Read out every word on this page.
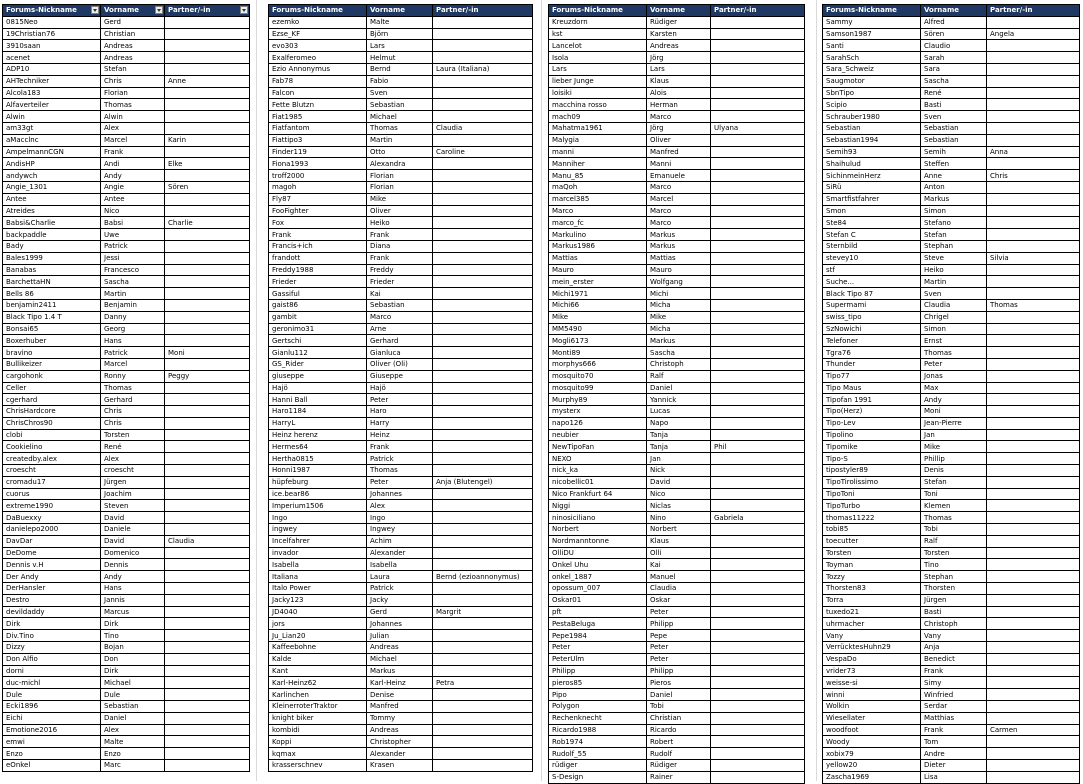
Forums-Nickname	Vorname	Partner/-in

0815Neo	Gerd	
19Christian76	Christian	
3910saan	Andreas	
acenet	Andreas	
ADP10	Stefan	
AHTechniker	Chris	Anne
Alcola183	Florian	
Alfaverteiler	Thomas	
Alwin	Alwin	
am33gt	Alex	
aMacclnc	Marcel	Karin
AmpelmannCGN	Frank	
AndisHP	Andi	Elke
andywch	Andy	
Angie_1301	Angie	Sören
Antee	Antee	
Atreides	Nico	
Babsi&Charlie	Babsi	Charlie
backpaddle	Uwe	
Bady	Patrick	
Bales1999	Jessi	
Banabas	Francesco	
BarchettaHN	Sascha	
Bells 86	Martin	
benjamin2411	Benjamin	
Black Tipo 1.4 T	Danny	
Bonsai65	Georg	
Boxerhuber	Hans	
bravino	Patrick	Moni
Bullikeizer	Marcel	
cargohonk	Ronny	Peggy
Celler	Thomas	
cgerhard	Gerhard	
ChrisHardcore	Chris	
ChrisChros90	Chris	
clobi	Torsten	
Cookielino	René	
createdby.alex	Alex	
croescht	croescht	
cromadu17	Jürgen	
cuorus	Joachim	
extreme1990	Steven	
DaBuexxy	David	
danielepo2000	Daniele	
DavDar	David	Claudia
DeDome	Domenico	
Dennis v.H	Dennis	
Der Andy	Andy	
DerHansler	Hans	
Destro	Jannis	
devildaddy	Marcus	
Dirk	Dirk	
Div.Tino	Tino	
Dizzy	Bojan	
Don Alfio	Don	
dorni	Dirk	
duc-michl	Michael	
Dule	Dule	
Ecki1896	Sebastian	
Eichi	Daniel	
Emotione2016	Alex	
emwi	Malte	
Enzo	Enzo	
eOnkel	Marc	
Forums-Nickname	Vorname	Partner/-in
ezemko	Malte	
Ezse_KF	Björn	
evo303	Lars	
Exalferomeo	Helmut	
Ezio Annonymus	Bernd	Laura (Italiana)
Fab78	Fabio	
Falcon	Sven	
Fette Blutzn	Sebastian	
Fiat1985	Michael	
Fiatfantom	Thomas	Claudia
Fiattipo3	Martin	
Finder119	Otto	Caroline
Fiona1993	Alexandra	
troff2000	Florian	
magoh	Florian	
Fly87	Mike	
FooFighter	Oliver	
Fox	Heiko	
Frank	Frank	
Francis+ich	Diana	
frandott	Frank	
Freddy1988	Freddy	
Frieder	Frieder	
Gassiful	Kai	
gaist86	Sebastian	
gambit	Marco	
geronimo31	Arne	
Gertschi	Gerhard	
Gianlu112	Gianluca	
GS_Rider	Oliver (Oli)	
giuseppe	Giuseppe	
Hajö	Hajö	
Hanni Ball	Peter	
Haro1184	Haro	
HarryL	Harry	
Heinz herenz	Heinz	
Hermes64	Frank	
Hertha0815	Patrick	
Honni1987	Thomas	
hüpfeburg	Peter	Anja (Blutengel)
ice.bear86	Johannes	
Imperium1506	Alex	
Ingo	Ingo	
ingwey	Ingwey	
Incelfahrer	Achim	
invador	Alexander	
Isabella	Isabella	
Italiana	Laura	Bernd (ezioannonymus)
Italo Power	Patrick	
Jacky123	Jacky	
JD4040	Gerd	Margrit
jors	Johannes	
Ju_Lian20	Julian	
Kaffeebohne	Andreas	
Kalde	Michael	
Kant	Markus	
Karl-Heinz62	Karl-Heinz	Petra
Karlinchen	Denise	
KleinerroterTraktor	Manfred	
knight biker	Tommy	
kombidi	Andreas	
Koppi	Christopher	
kqmax	Alexander	
krasserschnev	Krasen	
Forums-Nickname	Vorname	Partner/-in
Kreuzdorn	Rüdiger	
kst	Karsten	
Lancelot	Andreas	
Isola	Jörg	
Lars	Lars	
lieber Junge	Klaus	
loisiki	Alois	
macchina rosso	Herman	
mach09	Marco	
Mahatma1961	Jörg	Ulyana
Malygia	Oliver	
manni	Manfred	
Manniher	Manni	
Manu_85	Emanuele	
maQoh	Marco	
marcel385	Marcel	
Marco	Marco	
marco_fc	Marco	
Markulino	Markus	
Markus1986	Markus	
Mattias	Mattias	
Mauro	Mauro	
mein_erster	Wolfgang	
Michi1971	Michi	
Michi66	Micha	
Mike	Mike	
MM5490	Micha	
Mogli6173	Markus	
Monti89	Sascha	
morphys666	Christoph	
mosquito70	Ralf	
mosquito99	Daniel	
Murphy89	Yannick	
mysterx	Lucas	
napo126	Napo	
neubier	Tanja	
NewTipoFan	Tanja	Phil
NEXO	Jan	
nick_ka	Nick	
nicobellic01	David	
Nico Frankfurt 64	Nico	
Niggi	Niclas	
ninosiciliano	Nino	Gabriela
Norbert	Norbert	
Nordmanntonne	Klaus	
OlliDU	Olli	
Onkel Uhu	Kai	
onkel_1887	Manuel	
opossum_007	Claudia	
Oskar01	Oskar	
pft	Peter	
PestaBeluga	Philipp	
Pepe1984	Pepe	
Peter	Peter	
PeterUlm	Peter	
Philipp	Philipp	
pieros85	Pieros	
Pipo	Daniel	
Polygon	Tobi	
Rechenknecht	Christian	
Ricardo1988	Ricardo	
Rob1974	Robert	
Rudolf_55	Rudolf	
rüdiger	Rüdiger	
S-Design	Rainer	
Forums-Nickname	Vorname	Partner/-in
Sammy	Alfred	
Samson1987	Sören	Angela
Santi	Claudio	
SarahSch	Sarah	
Sara_Schweiz	Sara	
Saugmotor	Sascha	
SbnTipo	René	
Scipio	Basti	
Schrauber1980	Sven	
Sebastian	Sebastian	
Sebastian1994	Sebastian	
Semih93	Semih	Anna
Shaihulud	Steffen	
SichinmeinHerz	Anne	Chris
SiRü	Anton	
Smartfistfahrer	Markus	
Smon	Simon	
Ste84	Stefano	
Stefan C	Stefan	
Sternbild	Stephan	
stevey10	Steve	Silvia
stf	Heiko	
Suche...	Martin	
Black Tipo 87	Sven	
Supermami	Claudia	Thomas
swiss_tipo	Chrigel	
SzNowichi	Simon	
Telefoner	Ernst	
Tgra76	Thomas	
Thunder	Peter	
Tipo77	Jonas	
Tipo Maus	Max	
Tipofan 1991	Andy	
Tipo(Herz)	Moni	
Tipo-Lev	Jean-Pierre	
Tipolino	Jan	
Tipomike	Mike	
Tipo-S	Phillip	
tipostyler89	Denis	
TipoTirolissimo	Stefan	
TipoToni	Toni	
TipoTurbo	Klemen	
thomas11222	Thomas	
tobi85	Tobi	
toecutter	Ralf	
Torsten	Torsten	
Toyman	Tino	
Tozzy	Stephan	
Thorsten83	Thorsten	
Torra	Jürgen	
tuxedo21	Basti	
uhrmacher	Christoph	
Vany	Vany	
VerrücktesHuhn29	Anja	
VespaDo	Benedict	
vrider73	Frank	
weisse-si	Simy	
winni	Winfried	
Wolkin	Serdar	
Wiesellater	Matthias	
woodfoot	Frank	Carmen
Woody	Tom	
xobix79	Andre	
yellow20	Dieter	
Zascha1969	Lisa	
